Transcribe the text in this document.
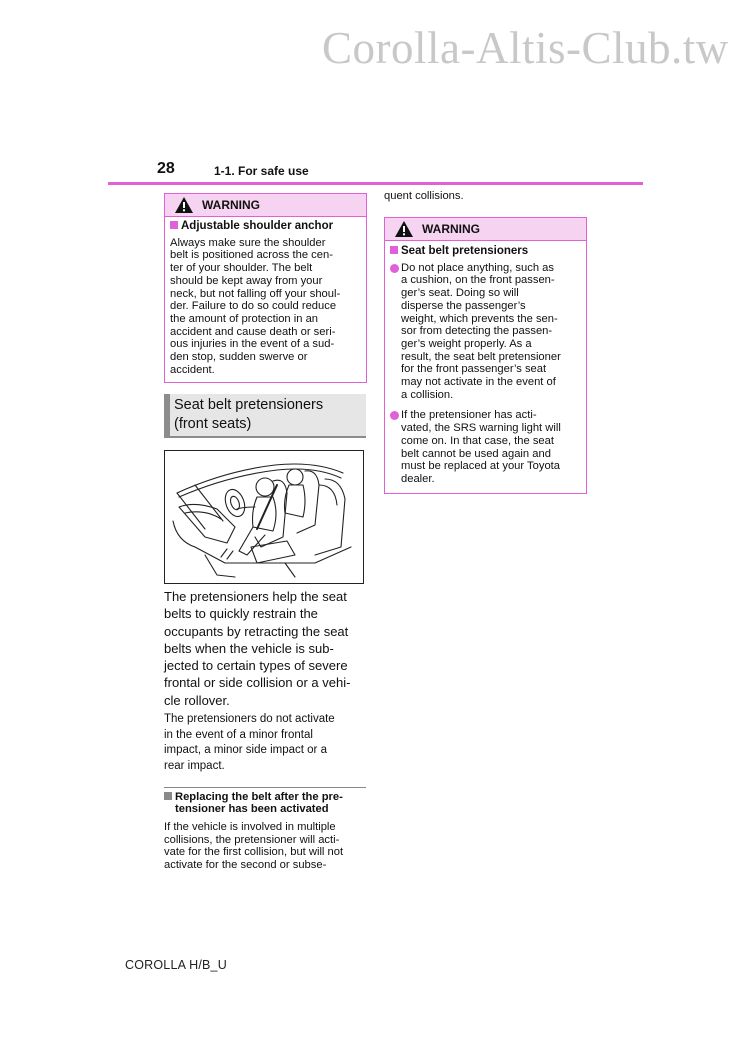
Corolla-Altis-Club.tw
28	1-1. For safe use
WARNING
Adjustable shoulder anchor

Always make sure the shoulder
belt is positioned across the cen-
ter of your shoulder. The belt
should be kept away from your
neck, but not falling off your shoul-
der. Failure to do so could reduce
the amount of protection in an
accident and cause death or seri-
ous injuries in the event of a sud-
den stop, sudden swerve or
accident.

Seat belt pretensioners
(front seats)
The pretensioners help the seat
belts to quickly restrain the
occupants by retracting the seat
belts when the vehicle is sub-
jected to certain types of severe
frontal or side collision or a vehi-
cle rollover.
The pretensioners do not activate
in the event of a minor frontal
impact, a minor side impact or a
rear impact.
Replacing the belt after the pre-
tensioner has been activated
If the vehicle is involved in multiple
collisions, the pretensioner will acti-
vate for the first collision, but will not
activate for the second or subse-
quent collisions.
WARNING
Seat belt pretensioners
Do not place anything, such as
a cushion, on the front passen-
ger’s seat. Doing so will
disperse the passenger’s
weight, which prevents the sen-
sor from detecting the passen-
ger’s weight properly. As a
result, the seat belt pretensioner
for the front passenger’s seat
may not activate in the event of
a collision.
If the pretensioner has acti-
vated, the SRS warning light will
come on. In that case, the seat
belt cannot be used again and
must be replaced at your Toyota
dealer.
COROLLA H/B_U
